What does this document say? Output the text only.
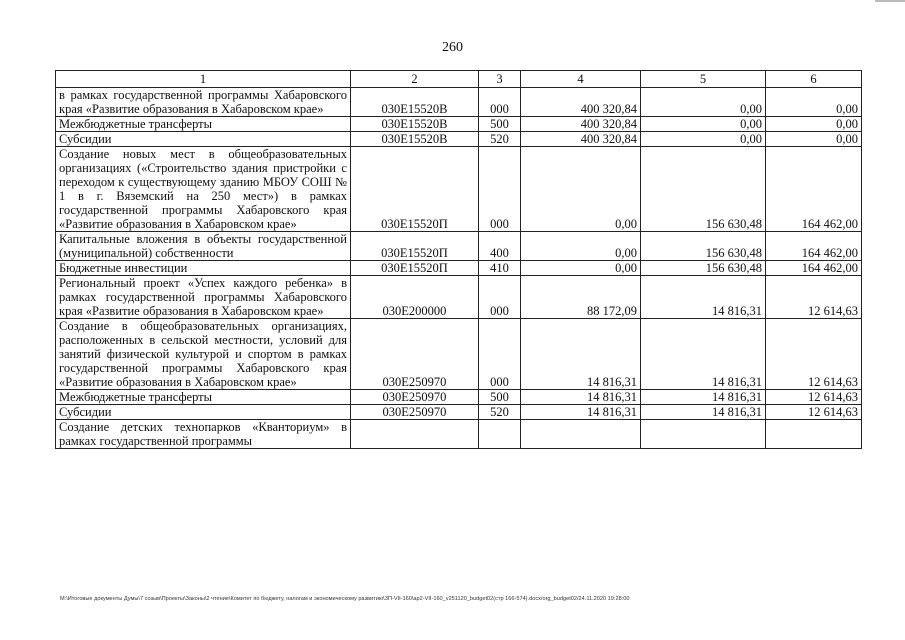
260
1	2	3	4	5	6
в рамках государственной программы Хабаровского края «Развитие образования в Хабаровском крае»	030E15520В	000	400 320,84	0,00	0,00
Межбюджетные трансферты	030E15520В	500	400 320,84	0,00	0,00
Субсидии	030E15520В	520	400 320,84	0,00	0,00
Создание новых мест в общеобразовательных организациях («Строительство здания пристройки с переходом к существующему зданию МБОУ СОШ № 1 в г. Вяземский на 250 мест») в рамках государственной программы Хабаровского края «Развитие образования в Хабаровском крае»	030E15520П	000	0,00	156 630,48	164 462,00
Капитальные вложения в объекты государственной (муниципальной) собственности	030E15520П	400	0,00	156 630,48	164 462,00
Бюджетные инвестиции	030E15520П	410	0,00	156 630,48	164 462,00
Региональный проект «Успех каждого ребенка» в рамках государственной программы Хабаровского края «Развитие образования в Хабаровском крае»	030E200000	000	88 172,09	14 816,31	12 614,63
Создание в общеобразовательных организациях, расположенных в сельской местности, условий для занятий физической культурой и спортом в рамках государственной программы Хабаровского края «Развитие образования в Хабаровском крае»	030E250970	000	14 816,31	14 816,31	12 614,63
Межбюджетные трансферты	030E250970	500	14 816,31	14 816,31	12 614,63
Субсидии	030E250970	520	14 816,31	14 816,31	12 614,63
Создание детских технопарков «Кванториум» в рамках государственной программы					
M:\Итоговые документы Думы\7 созыв\Проекты\Законы\2 чтение\Комитет по бюджету, налогам и экономическому развитию\ЗП-VII-160\ap2-VII-160_v251120_budget02(стр 166-574).docx/org_budget02/24.11.2020 19:28:00
